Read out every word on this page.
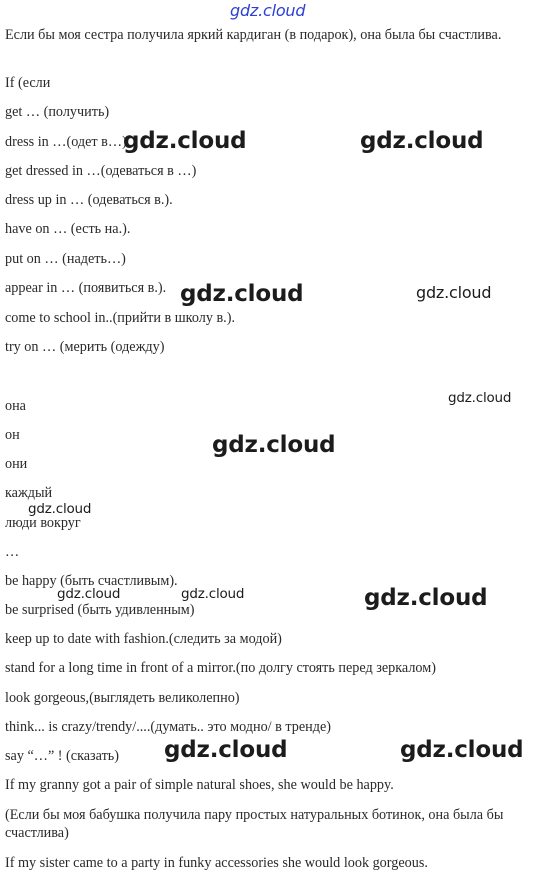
gdz.cloud
Если бы моя сестра получила яркий кардиган (в подарок), она была бы счастлива.
If (если
get … (получить)
dress in …(одет в…)
get dressed in …(одеваться в …)
dress up in … (одеваться в.).
have on … (есть на.).
put on … (надеть…)
appear in … (появиться в.).
come to school in..(прийти в школу в.).
try on … (мерить (одежду)
она
он
они
каждый
люди вокруг
…
be happy (быть счастливым).
be surprised (быть удивленным)
keep up to date with fashion.(следить за модой)
stand for a long time in front of a mirror.(по долгу стоять перед зеркалом)
look gorgeous,(выглядеть великолепно)
think... is crazy/trendy/....(думать.. это модно/ в тренде)
say “…” ! (сказать)
If my granny got a pair of simple natural shoes, she would be happy.
(Если бы моя бабушка получила пару простых натуральных ботинок, она была бы счастлива)
If my sister came to a party in funky accessories she would look gorgeous.
gdz.cloud	gdz.cloud
gdz.cloud	gdz.cloud
gdz.cloud
gdz.cloud
gdz.cloud
gdz.cloud	gdz.cloud	gdz.cloud
gdz.cloud	gdz.cloud
